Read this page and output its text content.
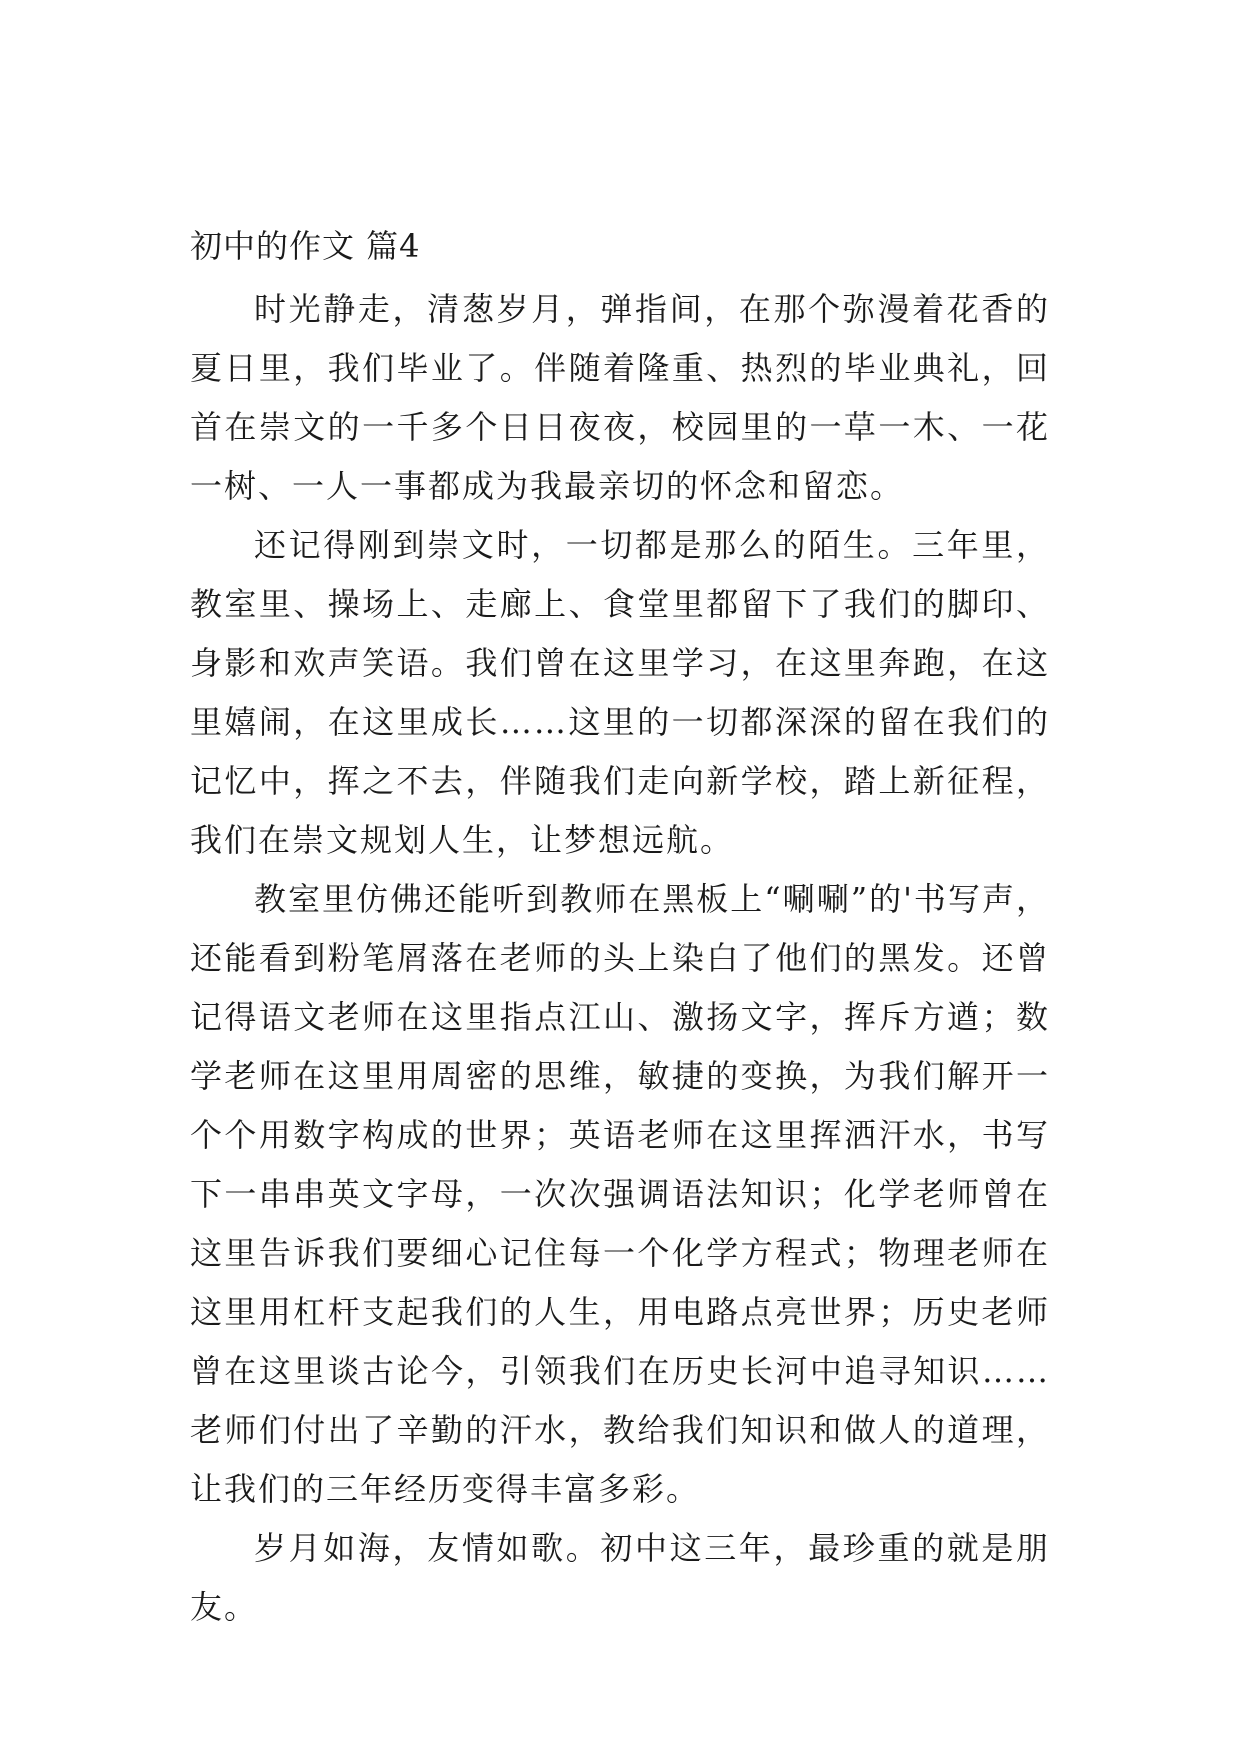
初中的作文 篇4

时光静走，清葱岁月，弹指间，在那个弥漫着花香的夏日里，我们毕业了。伴随着隆重、热烈的毕业典礼，回首在崇文的一千多个日日夜夜，校园里的一草一木、一花一树、一人一事都成为我最亲切的怀念和留恋。

还记得刚到崇文时，一切都是那么的陌生。三年里，教室里、操场上、走廊上、食堂里都留下了我们的脚印、身影和欢声笑语。我们曾在这里学习，在这里奔跑，在这里嬉闹，在这里成长……这里的一切都深深的留在我们的记忆中，挥之不去，伴随我们走向新学校，踏上新征程，我们在崇文规划人生，让梦想远航。

教室里仿佛还能听到教师在黑板上“唰唰”的'书写声，还能看到粉笔屑落在老师的头上染白了他们的黑发。还曾记得语文老师在这里指点江山、激扬文字，挥斥方遒；数学老师在这里用周密的思维，敏捷的变换，为我们解开一个个用数字构成的世界；英语老师在这里挥洒汗水，书写下一串串英文字母，一次次强调语法知识；化学老师曾在这里告诉我们要细心记住每一个化学方程式；物理老师在这里用杠杆支起我们的人生，用电路点亮世界；历史老师曾在这里谈古论今，引领我们在历史长河中追寻知识……老师们付出了辛勤的汗水，教给我们知识和做人的道理，让我们的三年经历变得丰富多彩。

岁月如海，友情如歌。初中这三年，最珍重的就是朋友。
